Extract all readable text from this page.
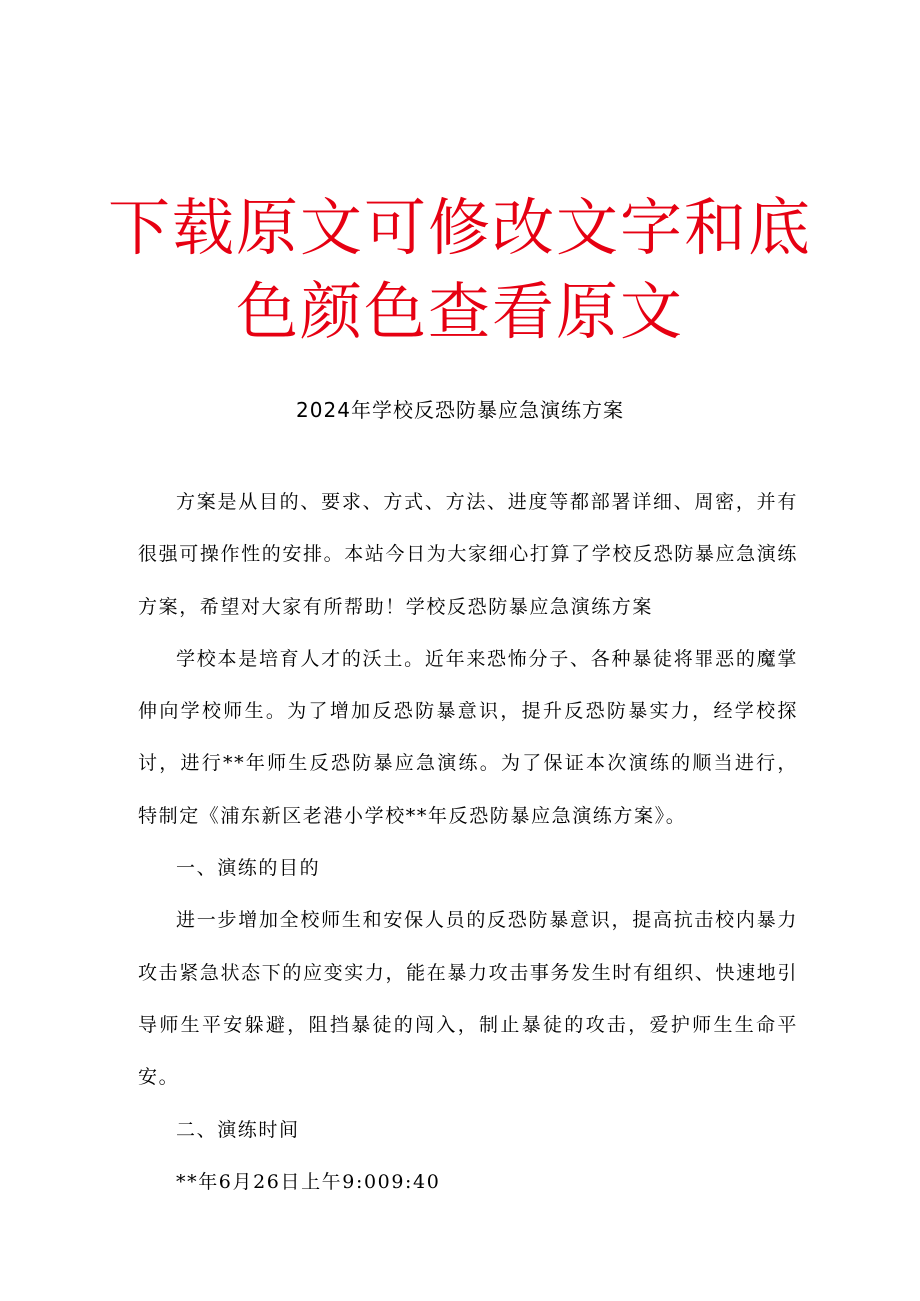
下载原文可修改文字和底
色颜色查看原文
2024年学校反恐防暴应急演练方案

方案是从目的、要求、方式、方法、进度等都部署详细、周密，并有很强可操作性的安排。本站今日为大家细心打算了学校反恐防暴应急演练方案，希望对大家有所帮助！学校反恐防暴应急演练方案

学校本是培育人才的沃土。近年来恐怖分子、各种暴徒将罪恶的魔掌伸向学校师生。为了增加反恐防暴意识，提升反恐防暴实力，经学校探讨，进行**年师生反恐防暴应急演练。为了保证本次演练的顺当进行，特制定《浦东新区老港小学校**年反恐防暴应急演练方案》。

一、演练的目的

进一步增加全校师生和安保人员的反恐防暴意识，提高抗击校内暴力攻击紧急状态下的应变实力，能在暴力攻击事务发生时有组织、快速地引导师生平安躲避，阻挡暴徒的闯入，制止暴徒的攻击，爱护师生生命平安。

二、演练时间

**年6月26日上午9:009:40
